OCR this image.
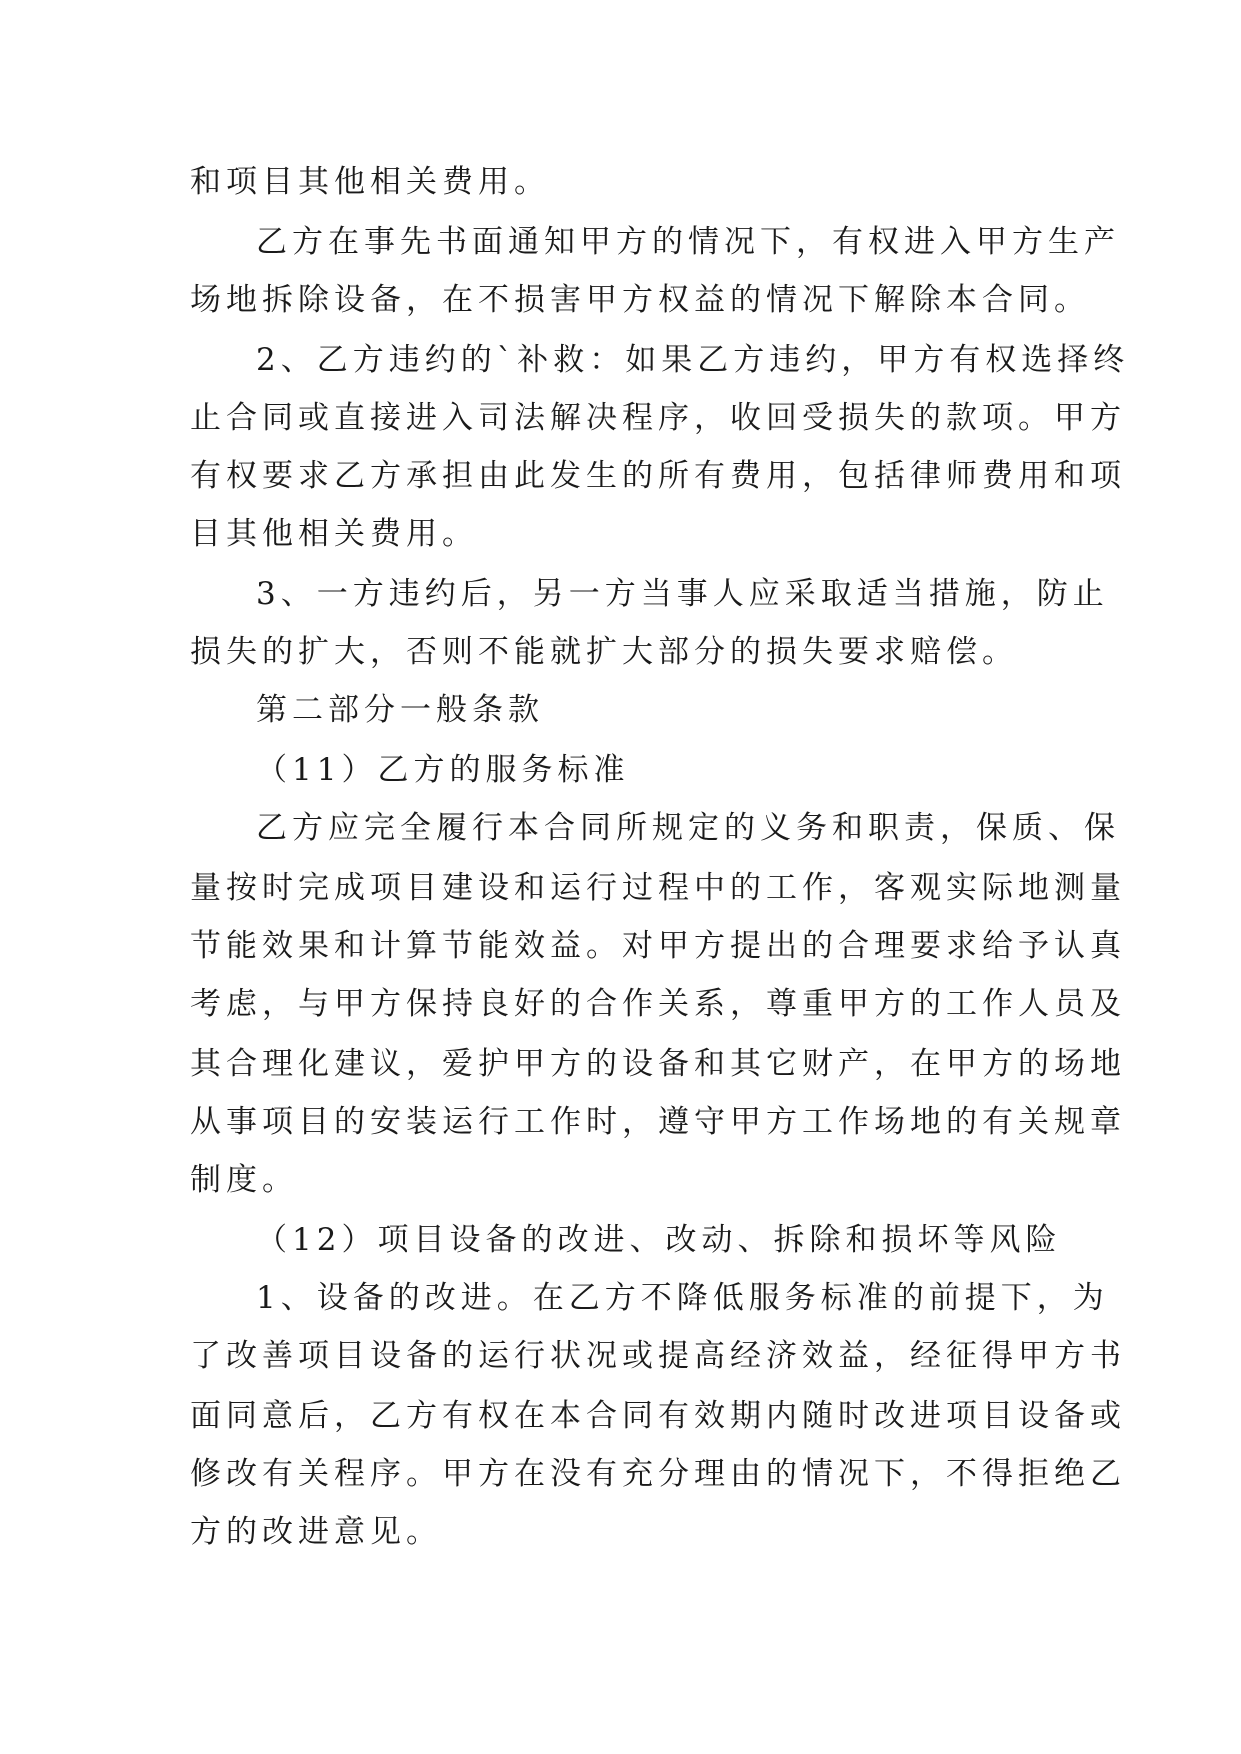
和项目其他相关费用。
乙方在事先书面通知甲方的情况下，有权进入甲方生产
场地拆除设备，在不损害甲方权益的情况下解除本合同。
2、乙方违约的`补救：如果乙方违约，甲方有权选择终
止合同或直接进入司法解决程序，收回受损失的款项。甲方
有权要求乙方承担由此发生的所有费用，包括律师费用和项
目其他相关费用。
3、一方违约后，另一方当事人应采取适当措施，防止
损失的扩大，否则不能就扩大部分的损失要求赔偿。
第二部分一般条款
（11）乙方的服务标准
乙方应完全履行本合同所规定的义务和职责，保质、保
量按时完成项目建设和运行过程中的工作，客观实际地测量
节能效果和计算节能效益。对甲方提出的合理要求给予认真
考虑，与甲方保持良好的合作关系，尊重甲方的工作人员及
其合理化建议，爱护甲方的设备和其它财产，在甲方的场地
从事项目的安装运行工作时，遵守甲方工作场地的有关规章
制度。
（12）项目设备的改进、改动、拆除和损坏等风险
1、设备的改进。在乙方不降低服务标准的前提下，为
了改善项目设备的运行状况或提高经济效益，经征得甲方书
面同意后，乙方有权在本合同有效期内随时改进项目设备或
修改有关程序。甲方在没有充分理由的情况下，不得拒绝乙
方的改进意见。
